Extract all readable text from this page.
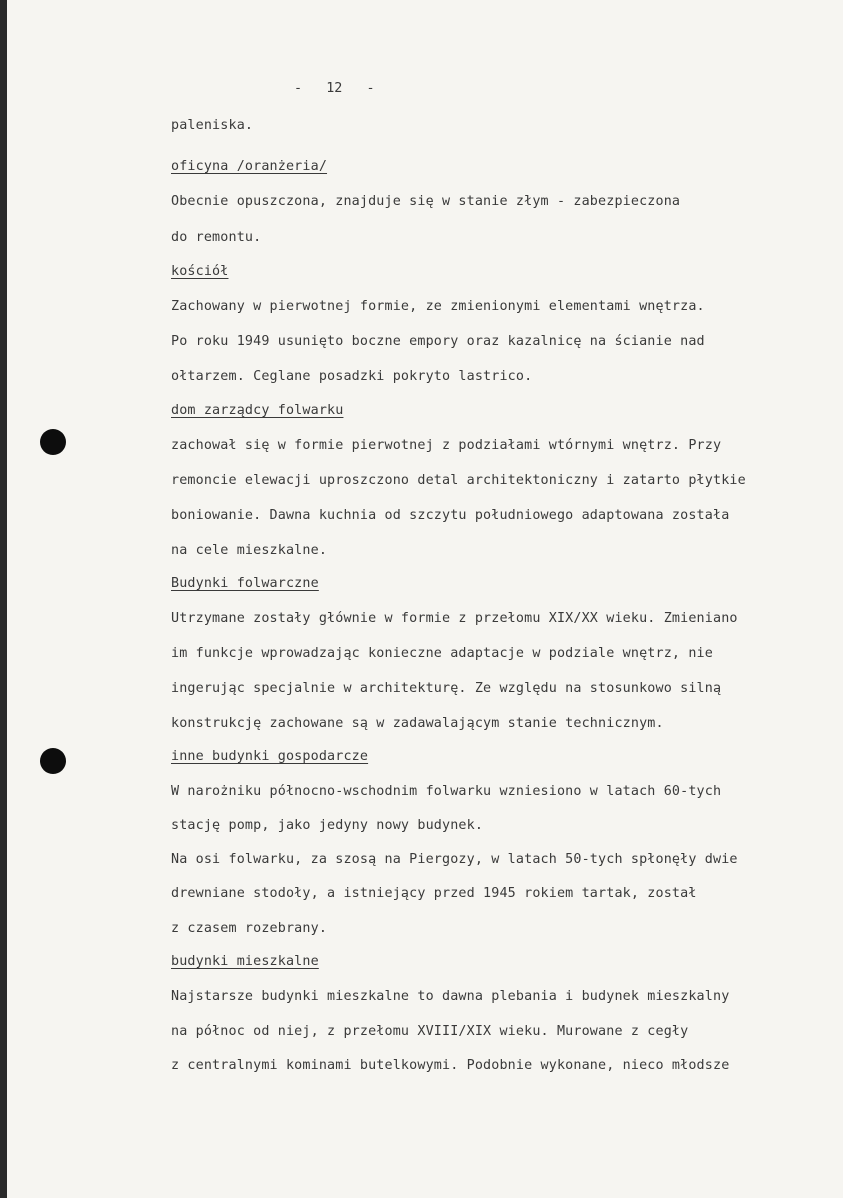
-   12   -

paleniska.

oficyna /oranżeria/

Obecnie opuszczona, znajduje się w stanie złym - zabezpieczona

do remontu.

kościół

Zachowany w pierwotnej formie, ze zmienionymi elementami wnętrza.

Po roku 1949 usunięto boczne empory oraz kazalnicę na ścianie nad

ołtarzem. Ceglane posadzki pokryto lastrico.

dom zarządcy folwarku

zachował się w formie pierwotnej z podziałami wtórnymi wnętrz. Przy

remoncie elewacji uproszczono detal architektoniczny i zatarto płytkie

boniowanie. Dawna kuchnia od szczytu południowego adaptowana została

na cele mieszkalne.

Budynki folwarczne

Utrzymane zostały głównie w formie z przełomu XIX/XX wieku. Zmieniano

im funkcje wprowadzając konieczne adaptacje w podziale wnętrz, nie

ingerując specjalnie w architekturę. Ze względu na stosunkowo silną

konstrukcję zachowane są w zadawalającym stanie technicznym.

inne budynki gospodarcze

W narożniku północno-wschodnim folwarku wzniesiono w latach 60-tych

stację pomp, jako jedyny nowy budynek.

Na osi folwarku, za szosą na Piergozy, w latach 50-tych spłonęły dwie

drewniane stodoły, a istniejący przed 1945 rokiem tartak, został

z czasem rozebrany.

budynki mieszkalne

Najstarsze budynki mieszkalne to dawna plebania i budynek mieszkalny

na północ od niej, z przełomu XVIII/XIX wieku. Murowane z cegły

z centralnymi kominami butelkowymi. Podobnie wykonane, nieco młodsze
